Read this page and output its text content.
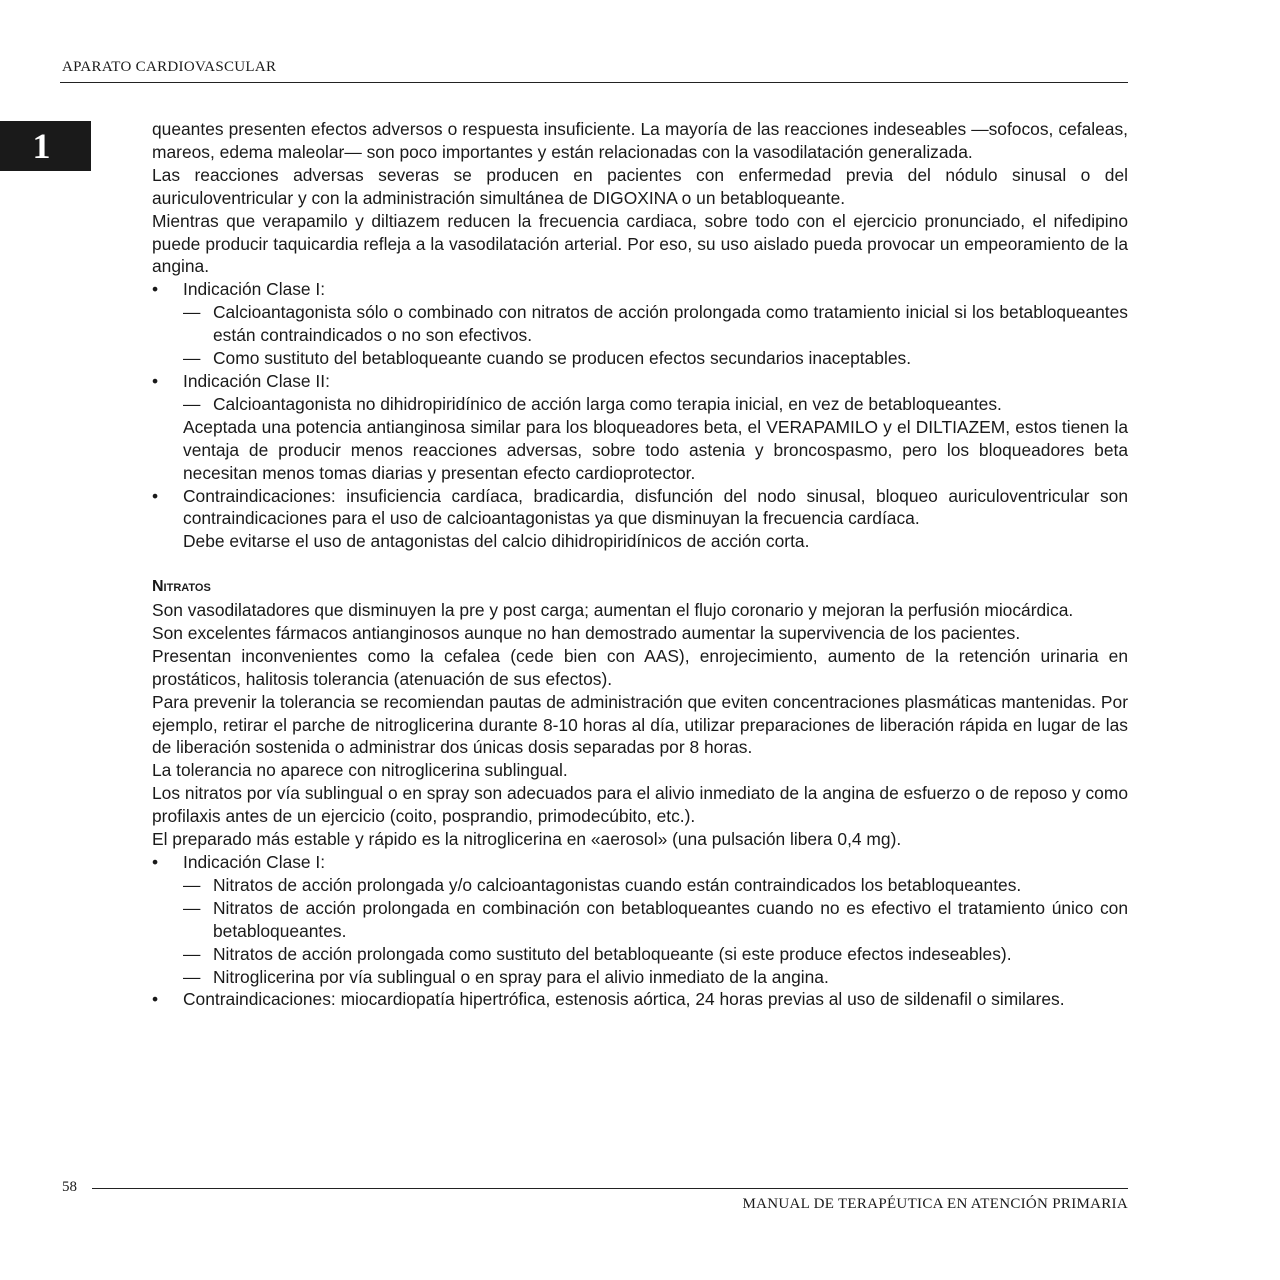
APARATO CARDIOVASCULAR
1	queantes presenten efectos adversos o respuesta insuficiente. La mayoría de las reacciones indeseables —sofocos, cefaleas, mareos, edema maleolar— son poco importantes y están relacionadas con la vasodilatación generalizada.

Las reacciones adversas severas se producen en pacientes con enfermedad previa del nódulo sinusal o del auriculoventricular y con la administración simultánea de DIGOXINA o un betabloqueante.

Mientras que verapamilo y diltiazem reducen la frecuencia cardiaca, sobre todo con el ejercicio pronunciado, el nifedipino puede producir taquicardia refleja a la vasodilatación arterial. Por eso, su uso aislado pueda provocar un empeoramiento de la angina.

• Indicación Clase I:
— Calcioantagonista sólo o combinado con nitratos de acción prolongada como tratamiento inicial si los betabloqueantes están contraindicados o no son efectivos.
— Como sustituto del betabloqueante cuando se producen efectos secundarios inaceptables.
• Indicación Clase II:
— Calcioantagonista no dihidropiridínico de acción larga como terapia inicial, en vez de betabloqueantes.

Aceptada una potencia antianginosa similar para los bloqueadores beta, el VERAPAMILO y el DILTIAZEM, estos tienen la ventaja de producir menos reacciones adversas, sobre todo astenia y broncospasmo, pero los bloqueadores beta necesitan menos tomas diarias y presentan efecto cardioprotector.

• Contraindicaciones: insuficiencia cardíaca, bradicardia, disfunción del nodo sinusal, bloqueo auriculoventricular son contraindicaciones para el uso de calcioantagonistas ya que disminuyan la frecuencia cardíaca.

Debe evitarse el uso de antagonistas del calcio dihidropiridínicos de acción corta.

Nitratos

Son vasodilatadores que disminuyen la pre y post carga; aumentan el flujo coronario y mejoran la perfusión miocárdica.

Son excelentes fármacos antianginosos aunque no han demostrado aumentar la supervivencia de los pacientes.

Presentan inconvenientes como la cefalea (cede bien con AAS), enrojecimiento, aumento de la retención urinaria en prostáticos, halitosis tolerancia (atenuación de sus efectos).

Para prevenir la tolerancia se recomiendan pautas de administración que eviten concentraciones plasmáticas mantenidas. Por ejemplo, retirar el parche de nitroglicerina durante 8-10 horas al día, utilizar preparaciones de liberación rápida en lugar de las de liberación sostenida o administrar dos únicas dosis separadas por 8 horas.

La tolerancia no aparece con nitroglicerina sublingual.

Los nitratos por vía sublingual o en spray son adecuados para el alivio inmediato de la angina de esfuerzo o de reposo y como profilaxis antes de un ejercicio (coito, posprandio, primodecúbito, etc.).

El preparado más estable y rápido es la nitroglicerina en «aerosol» (una pulsación libera 0,4 mg).

• Indicación Clase I:
— Nitratos de acción prolongada y/o calcioantagonistas cuando están contraindicados los betabloqueantes.
— Nitratos de acción prolongada en combinación con betabloqueantes cuando no es efectivo el tratamiento único con betabloqueantes.
— Nitratos de acción prolongada como sustituto del betabloqueante (si este produce efectos indeseables).
— Nitroglicerina por vía sublingual o en spray para el alivio inmediato de la angina.
• Contraindicaciones: miocardiopatía hipertrófica, estenosis aórtica, 24 horas previas al uso de sildenafil o similares.
58
MANUAL DE TERAPÉUTICA EN ATENCIÓN PRIMARIA
